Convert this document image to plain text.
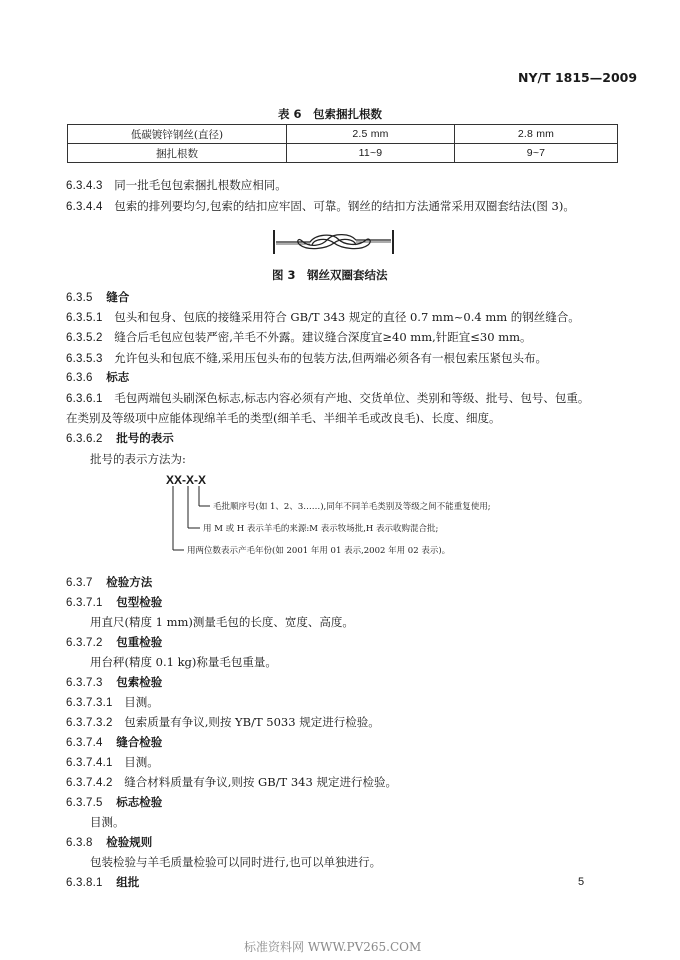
NY/T 1815—2009
表 6　包索捆扎根数
低碳镀锌钢丝(直径)	2.5 mm	2.8 mm
捆扎根数	11~9	9~7
6.3.4.3 同一批毛包包索捆扎根数应相同。
6.3.4.4 包索的排列要均匀,包索的结扣应牢固、可靠。钢丝的结扣方法通常采用双圈套结法(图 3)。
图 3　钢丝双圈套结法
6.3.5 缝合
6.3.5.1 包头和包身、包底的接缝采用符合 GB/T 343 规定的直径 0.7 mm~0.4 mm 的钢丝缝合。
6.3.5.2 缝合后毛包应包装严密,羊毛不外露。建议缝合深度宜≥40 mm,针距宜≤30 mm。
6.3.5.3 允许包头和包底不缝,采用压包头布的包装方法,但两端必须各有一根包索压紧包头布。
6.3.6 标志
6.3.6.1 毛包两端包头刷深色标志,标志内容必须有产地、交货单位、类别和等级、批号、包号、包重。
在类别及等级项中应能体现绵羊毛的类型(细羊毛、半细羊毛或改良毛)、长度、细度。
6.3.6.2 批号的表示
批号的表示方法为:
XX-X-X
毛批顺序号(如 1、2、3……),同年不同羊毛类别及等级之间不能重复使用;
用 M 或 H 表示羊毛的来源:M 表示牧场批,H 表示收购混合批;
用两位数表示产毛年份(如 2001 年用 01 表示,2002 年用 02 表示)。
6.3.7 检验方法
6.3.7.1 包型检验
用直尺(精度 1 mm)测量毛包的长度、宽度、高度。
6.3.7.2 包重检验
用台秤(精度 0.1 kg)称量毛包重量。
6.3.7.3 包索检验
6.3.7.3.1 目测。
6.3.7.3.2 包索质量有争议,则按 YB/T 5033 规定进行检验。
6.3.7.4 缝合检验
6.3.7.4.1 目测。
6.3.7.4.2 缝合材料质量有争议,则按 GB/T 343 规定进行检验。
6.3.7.5 标志检验
目测。
6.3.8 检验规则
包装检验与羊毛质量检验可以同时进行,也可以单独进行。
6.3.8.1 组批	5
标准资料网 WWW.PV265.COM
